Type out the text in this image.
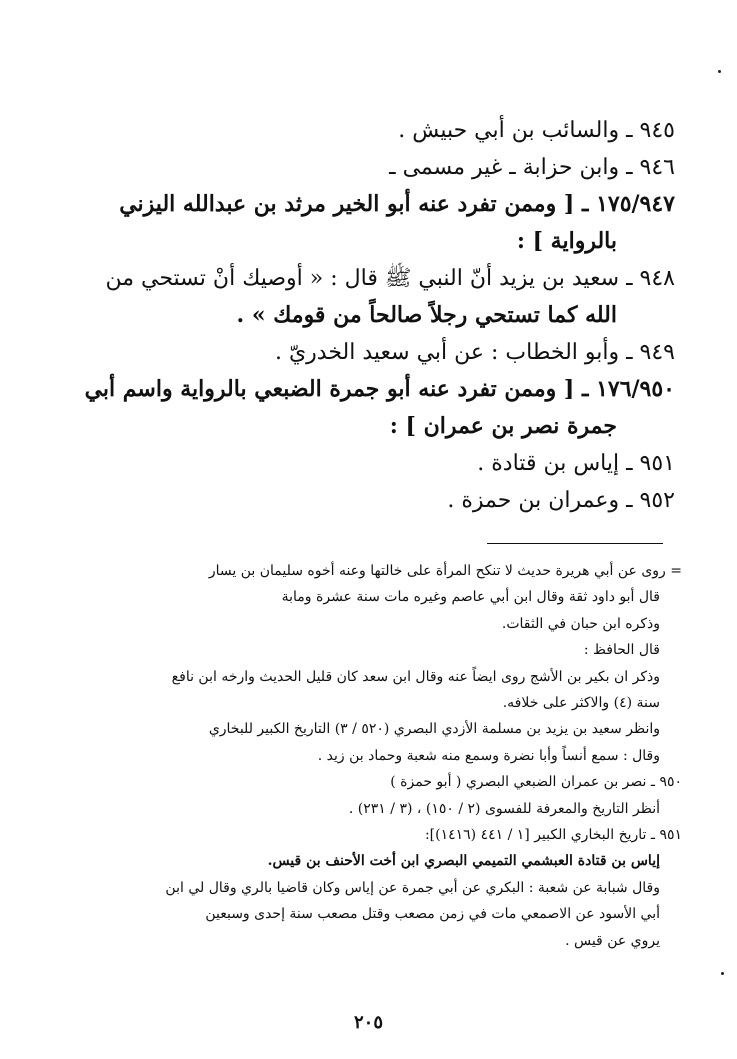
٩٤٥ ـ والسائب بن أبي حبيش .
٩٤٦ ـ وابن حزابة ـ غير مسمى ـ
١٧٥/٩٤٧ ـ [ وممن تفرد عنه أبو الخير مرثد بن عبدالله اليزني
بالرواية ] :
٩٤٨ ـ سعيد بن يزيد أنّ النبي ﷺ قال : « أوصيك أنْ تستحي من
الله كما تستحي رجلاً صالحاً من قومك » .
٩٤٩ ـ وأبو الخطاب : عن أبي سعيد الخدريّ .
١٧٦/٩٥٠ ـ [ وممن تفرد عنه أبو جمرة الضبعي بالرواية واسم أبي
جمرة نصر بن عمران ] :
٩٥١ ـ إياس بن قتادة .
٩٥٢ ـ وعمران بن حمزة .
= روى عن أبي هريرة حديث لا تنكح المرأة على خالتها وعنه أخوه سليمان بن يسار
قال أبو داود ثقة وقال ابن أبي عاصم وغيره مات سنة عشرة ومابة
وذكره ابن حبان في الثقات.
قال الحافظ :
وذكر ان بكير بن الأشج روى ايضاً عنه وقال ابن سعد كان قليل الحديث وارخه ابن نافع
سنة (٤) والاكثر على خلافه.
وانظر سعيد بن يزيد بن مسلمة الأزدي البصري (٥٢٠ / ٣) التاريخ الكبير للبخاري
وقال : سمع أنساً وأبا نضرة وسمع منه شعبة وحماد بن زيد .
٩٥٠ ـ نصر بن عمران الضبعي البصري ( أبو حمزة )
أنظر التاريخ والمعرفة للفسوى (٢ / ١٥٠) ، (٣ / ٢٣١) .
٩٥١ ـ تاريخ البخاري الكبير [١ / ٤٤١ (١٤١٦)]:
إياس بن قتادة العبشمي التميمي البصري ابن أخت الأحنف بن قيس.
وقال شبابة عن شعبة : البكري عن أبي جمرة عن إياس وكان قاضيا بالري وقال لي ابن
أبي الأسود عن الاصمعي مات في زمن مصعب وقتل مصعب سنة إحدى وسبعين
يروي عن قيس .
٢٠٥
